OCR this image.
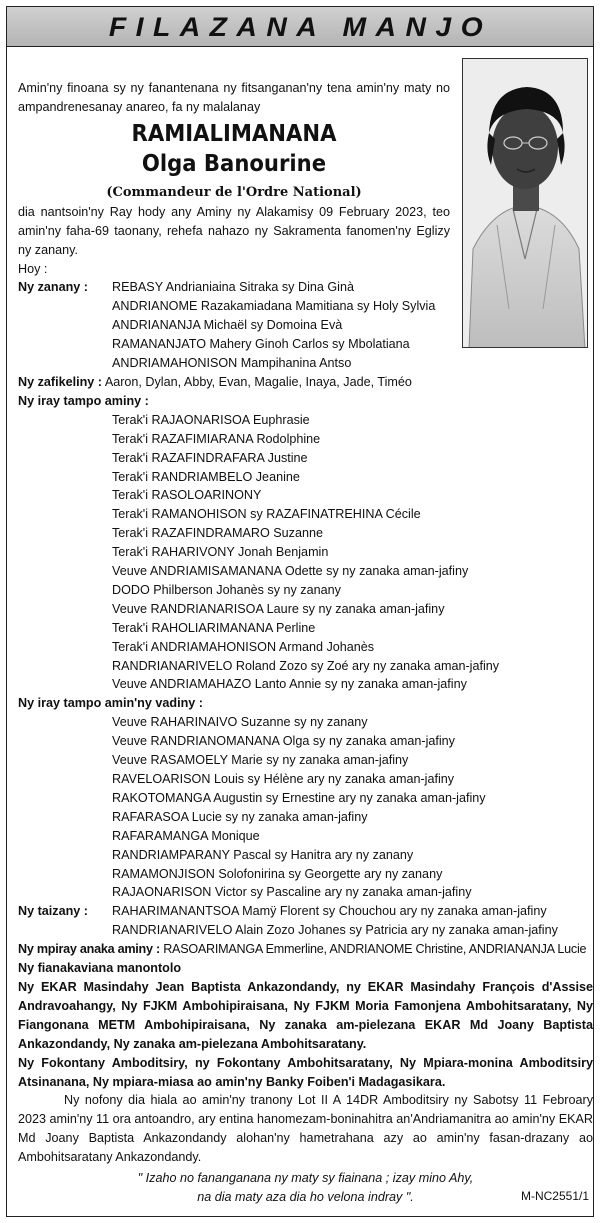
FILAZANA MANJO

Amin'ny finoana sy ny fanantenana ny fitsanganan'ny tena amin'ny maty no ampandrenesanay anareo, fa ny malalanay

RAMIALIMANANA
Olga Banourine
(Commandeur de l'Ordre National)

dia nantsoin'ny Ray hody any Aminy ny Alakamisy 09 February 2023, teo amin'ny faha-69 taonany, rehefa nahazo ny Sakramenta fanomen'ny Eglizy ny zanany.

Hoy :

Ny zanany :	REBASY Andrianiaina Sitraka sy Dina Ginà
ANDRIANOME Razakamiadana Mamitiana sy Holy Sylvia
ANDRIANANJA Michaël sy Domoina Evà
RAMANANJATO Mahery Ginoh Carlos sy Mbolatiana
ANDRIAMAHONISON Mampihanina Antso
Ny zafikeliny : Aaron, Dylan, Abby, Evan, Magalie, Inaya, Jade, Timéo
Ny iray tampo aminy :
Terak'i RAJAONARISOA Euphrasie
Terak'i RAZAFIMIARANA Rodolphine
Terak'i RAZAFINDRAFARA Justine
Terak'i RANDRIAMBELO Jeanine
Terak'i RASOLOARINONY
Terak'i RAMANOHISON sy RAZAFINATREHINA Cécile
Terak'i RAZAFINDRAMARO Suzanne
Terak'i RAHARIVONY Jonah Benjamin
Veuve ANDRIAMISAMANANA Odette sy ny zanaka aman-jafiny
DODO Philberson Johanès sy ny zanany
Veuve RANDRIANARISOA Laure sy ny zanaka aman-jafiny
Terak'i RAHOLIARIMANANA Perline
Terak'i ANDRIAMAHONISON Armand Johanès
RANDRIANARIVELO Roland Zozo sy Zoé ary ny zanaka aman-jafiny
Veuve ANDRIAMAHAZO Lanto Annie sy ny zanaka aman-jafiny
Ny iray tampo amin'ny vadiny :
Veuve RAHARINAIVO Suzanne sy ny zanany
Veuve RANDRIANOMANANA Olga sy ny zanaka aman-jafiny
Veuve RASAMOELY Marie sy ny zanaka aman-jafiny
RAVELOARISON Louis sy Hélène ary ny zanaka aman-jafiny
RAKOTOMANGA Augustin sy Ernestine ary ny zanaka aman-jafiny
RAFARASOA Lucie sy ny zanaka aman-jafiny
RAFARAMANGA Monique
RANDRIAMPARANY Pascal sy Hanitra ary ny zanany
RAMAMONJISON Solofonirina sy Georgette ary ny zanany
RAJAONARISON Victor sy Pascaline ary ny zanaka aman-jafiny
Ny taizany :	RAHARIMANANTSOA Mamÿ Florent sy Chouchou ary ny zanaka aman-jafiny
RANDRIANARIVELO Alain Zozo Johanes sy Patricia ary ny zanaka aman-jafiny
Ny mpiray anaka aminy : RASOARIMANGA Emmerline, ANDRIANOME Christine, ANDRIANANJA Lucie
Ny fianakaviana manontolo

Ny EKAR Masindahy Jean Baptista Ankazondandy, ny EKAR Masindahy François d'Assise Andravoahangy, Ny FJKM Ambohipiraisana, Ny FJKM Moria Famonjena Ambohitsaratany, Ny Fiangonana METM Ambohipiraisana, Ny zanaka am-pielezana EKAR Md Joany Baptista Ankazondandy, Ny zanaka am-pielezana Ambohitsaratany.

Ny Fokontany Amboditsiry, ny Fokontany Ambohitsaratany, Ny Mpiara-monina Amboditsiry Atsinanana, Ny mpiara-miasa ao amin'ny Banky Foiben'i Madagasikara.

Ny nofony dia hiala ao amin'ny tranony Lot II A 14DR Amboditsiry ny Sabotsy 11 Febroary 2023 amin'ny 11 ora antoandro, ary entina hanomezam-boninahitra an'Andriamanitra ao amin'ny EKAR Md Joany Baptista Ankazondandy alohan'ny hametrahana azy ao amin'ny fasan-drazany ao Ambohitsaratany Ankazondandy.

" Izaho no fananganana ny maty sy fiainana ; izay mino Ahy,
na dia maty aza dia ho velona indray ".	M-NC2551/1
